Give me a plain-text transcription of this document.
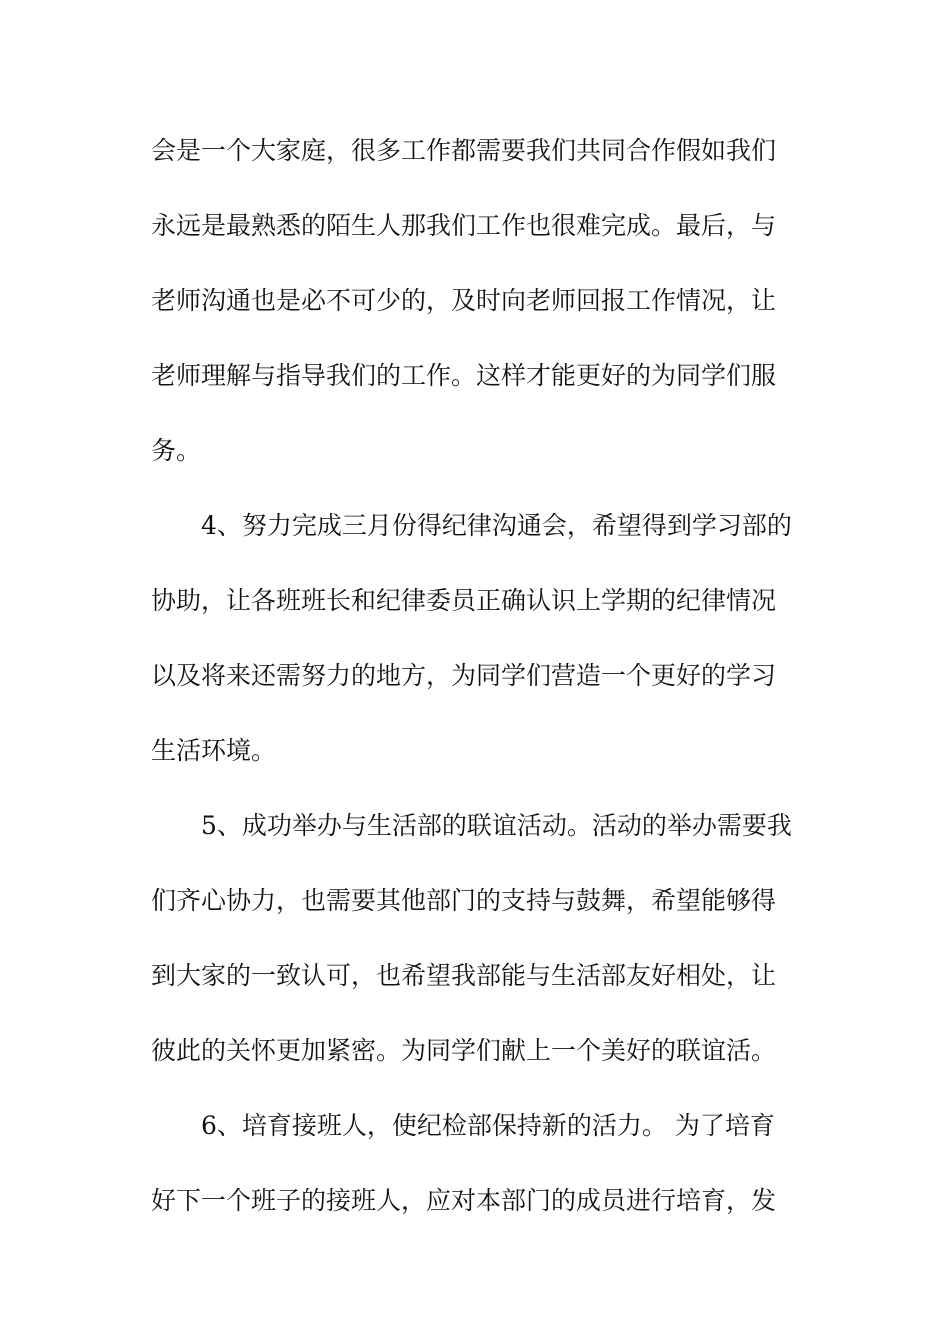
会是一个大家庭，很多工作都需要我们共同合作假如我们
永远是最熟悉的陌生人那我们工作也很难完成。最后，与
老师沟通也是必不可少的，及时向老师回报工作情况，让
老师理解与指导我们的工作。这样才能更好的为同学们服
务。
4、努力完成三月份得纪律沟通会，希望得到学习部的
协助，让各班班长和纪律委员正确认识上学期的纪律情况
以及将来还需努力的地方，为同学们营造一个更好的学习
生活环境。
5、成功举办与生活部的联谊活动。活动的举办需要我
们齐心协力，也需要其他部门的支持与鼓舞，希望能够得
到大家的一致认可，也希望我部能与生活部友好相处，让
彼此的关怀更加紧密。为同学们献上一个美好的联谊活。
6、培育接班人，使纪检部保持新的活力。 为了培育
好下一个班子的接班人，应对本部门的成员进行培育，发
